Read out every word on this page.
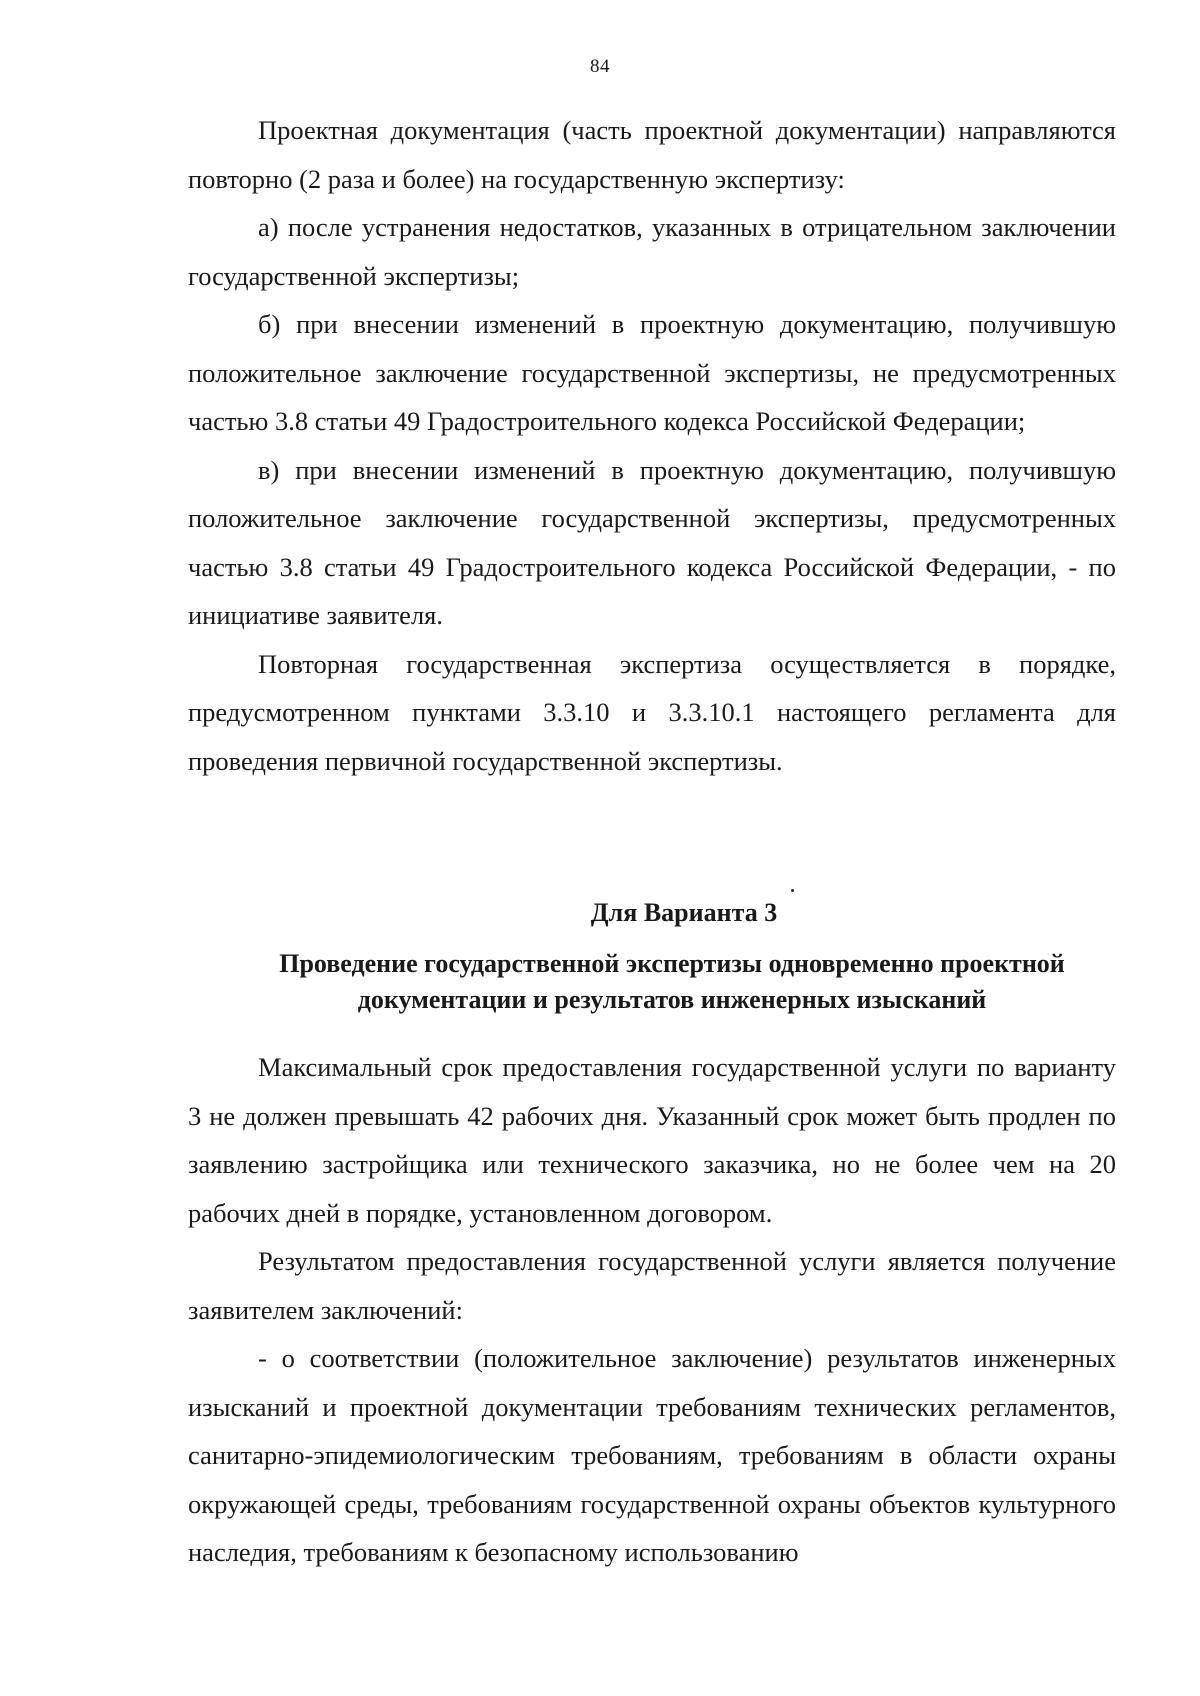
84

Проектная документация (часть проектной документации) направляются повторно (2 раза и более) на государственную экспертизу:

а) после устранения недостатков, указанных в отрицательном заключении государственной экспертизы;

б) при внесении изменений в проектную документацию, получившую положительное заключение государственной экспертизы, не предусмотренных частью 3.8 статьи 49 Градостроительного кодекса Российской Федерации;

в) при внесении изменений в проектную документацию, получившую положительное заключение государственной экспертизы, предусмотренных частью 3.8 статьи 49 Градостроительного кодекса Российской Федерации, - по инициативе заявителя.

Повторная государственная экспертиза осуществляется в порядке, предусмотренном пунктами 3.3.10 и 3.3.10.1 настоящего регламента для проведения первичной государственной экспертизы.

Для Варианта 3
Проведение государственной экспертизы одновременно проектной
документации и результатов инженерных изысканий

Максимальный срок предоставления государственной услуги по варианту 3 не должен превышать 42 рабочих дня. Указанный срок может быть продлен по заявлению застройщика или технического заказчика, но не более чем на 20 рабочих дней в порядке, установленном договором.

Результатом предоставления государственной услуги является получение заявителем заключений:

- о соответствии (положительное заключение) результатов инженерных изысканий и проектной документации требованиям технических регламентов, санитарно-эпидемиологическим требованиям, требованиям в области охраны окружающей среды, требованиям государственной охраны объектов культурного наследия, требованиям к безопасному использованию
